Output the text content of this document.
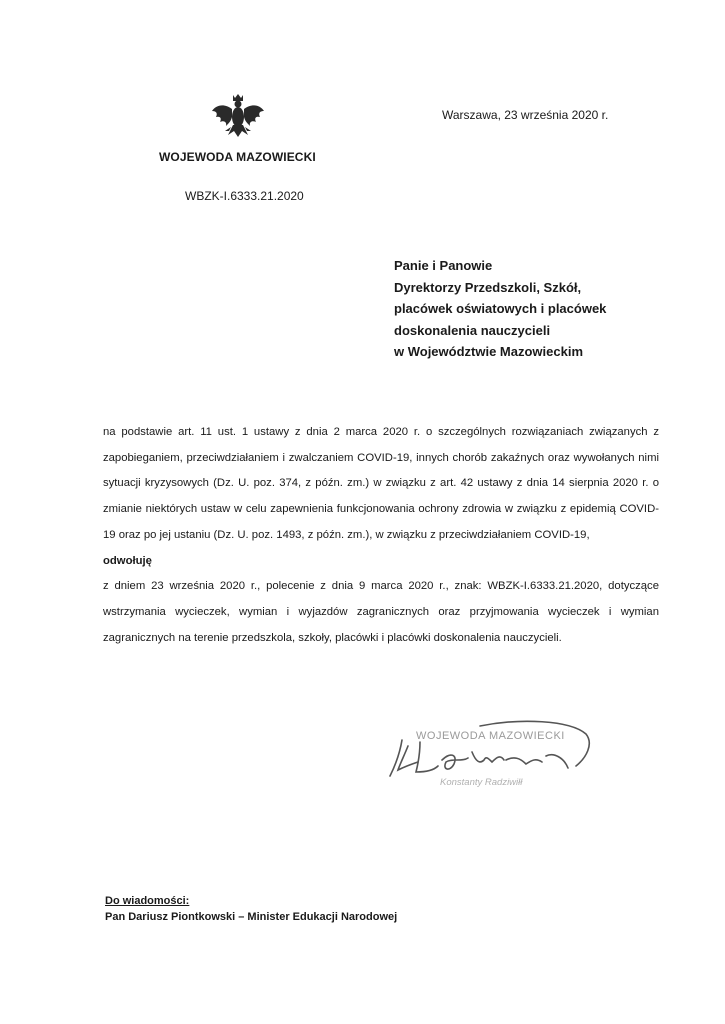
WOJEWODA MAZOWIECKI
Warszawa, 23 września 2020 r.
WBZK-I.6333.21.2020
Panie i Panowie
Dyrektorzy Przedszkoli, Szkół,
placówek oświatowych i placówek
doskonalenia nauczycieli
w Województwie Mazowieckim

na podstawie art. 11 ust. 1 ustawy z dnia 2 marca 2020 r. o szczególnych rozwiązaniach związanych z zapobieganiem, przeciwdziałaniem i zwalczaniem COVID-19, innych chorób zakaźnych oraz wywołanych nimi sytuacji kryzysowych (Dz. U. poz. 374, z późn. zm.) w związku z art. 42 ustawy z dnia 14 sierpnia 2020 r. o zmianie niektórych ustaw w celu zapewnienia funkcjonowania ochrony zdrowia w związku z epidemią COVID-19 oraz po jej ustaniu (Dz. U. poz. 1493, z późn. zm.), w związku z przeciwdziałaniem COVID-19,

odwołuję

z dniem 23 września 2020 r., polecenie z dnia 9 marca 2020 r., znak: WBZK-I.6333.21.2020, dotyczące wstrzymania wycieczek, wymian i wyjazdów zagranicznych oraz przyjmowania wycieczek i wymian zagranicznych na terenie przedszkola, szkoły, placówki i placówki doskonalenia nauczycieli.

WOJEWODA MAZOWIECKI
Konstanty Radziwiłł
Do wiadomości:
Pan Dariusz Piontkowski – Minister Edukacji Narodowej
